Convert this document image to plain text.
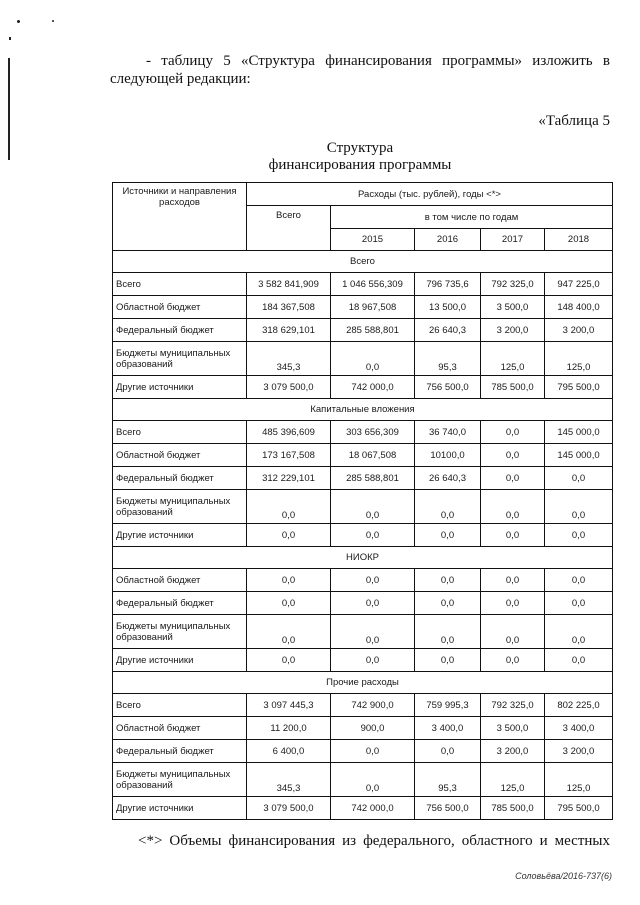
- таблицу 5 «Структура финансирования программы» изложить в
следующей редакции:
«Таблица 5
Структура
финансирования программы
Источники и направления расходов	Расходы (тыс. рублей), годы <*>				
	Всего	в том числе по годам			
		2015	2016	2017	2018
Всего					
Всего	3 582 841,909	1 046 556,309	796 735,6	792 325,0	947 225,0
Областной бюджет	184 367,508	18 967,508	13 500,0	3 500,0	148 400,0
Федеральный бюджет	318 629,101	285 588,801	26 640,3	3 200,0	3 200,0
Бюджеты муниципальных образований	345,3	0,0	95,3	125,0	125,0
Другие источники	3 079 500,0	742 000,0	756 500,0	785 500,0	795 500,0
Капитальные вложения					
Всего	485 396,609	303 656,309	36 740,0	0,0	145 000,0
Областной бюджет	173 167,508	18 067,508	10100,0	0,0	145 000,0
Федеральный бюджет	312 229,101	285 588,801	26 640,3	0,0	0,0
Бюджеты муниципальных образований	0,0	0,0	0,0	0,0	0,0
Другие источники	0,0	0,0	0,0	0,0	0,0
НИОКР					
Областной бюджет	0,0	0,0	0,0	0,0	0,0
Федеральный бюджет	0,0	0,0	0,0	0,0	0,0
Бюджеты муниципальных образований	0,0	0,0	0,0	0,0	0,0
Другие источники	0,0	0,0	0,0	0,0	0,0
Прочие расходы					
Всего	3 097 445,3	742 900,0	759 995,3	792 325,0	802 225,0
Областной бюджет	11 200,0	900,0	3 400,0	3 500,0	3 400,0
Федеральный бюджет	6 400,0	0,0	0,0	3 200,0	3 200,0
Бюджеты муниципальных образований	345,3	0,0	95,3	125,0	125,0
Другие источники	3 079 500,0	742 000,0	756 500,0	785 500,0	795 500,0
<*> Объемы финансирования из федерального, областного и местных
Соловьёва/2016-737(6)
